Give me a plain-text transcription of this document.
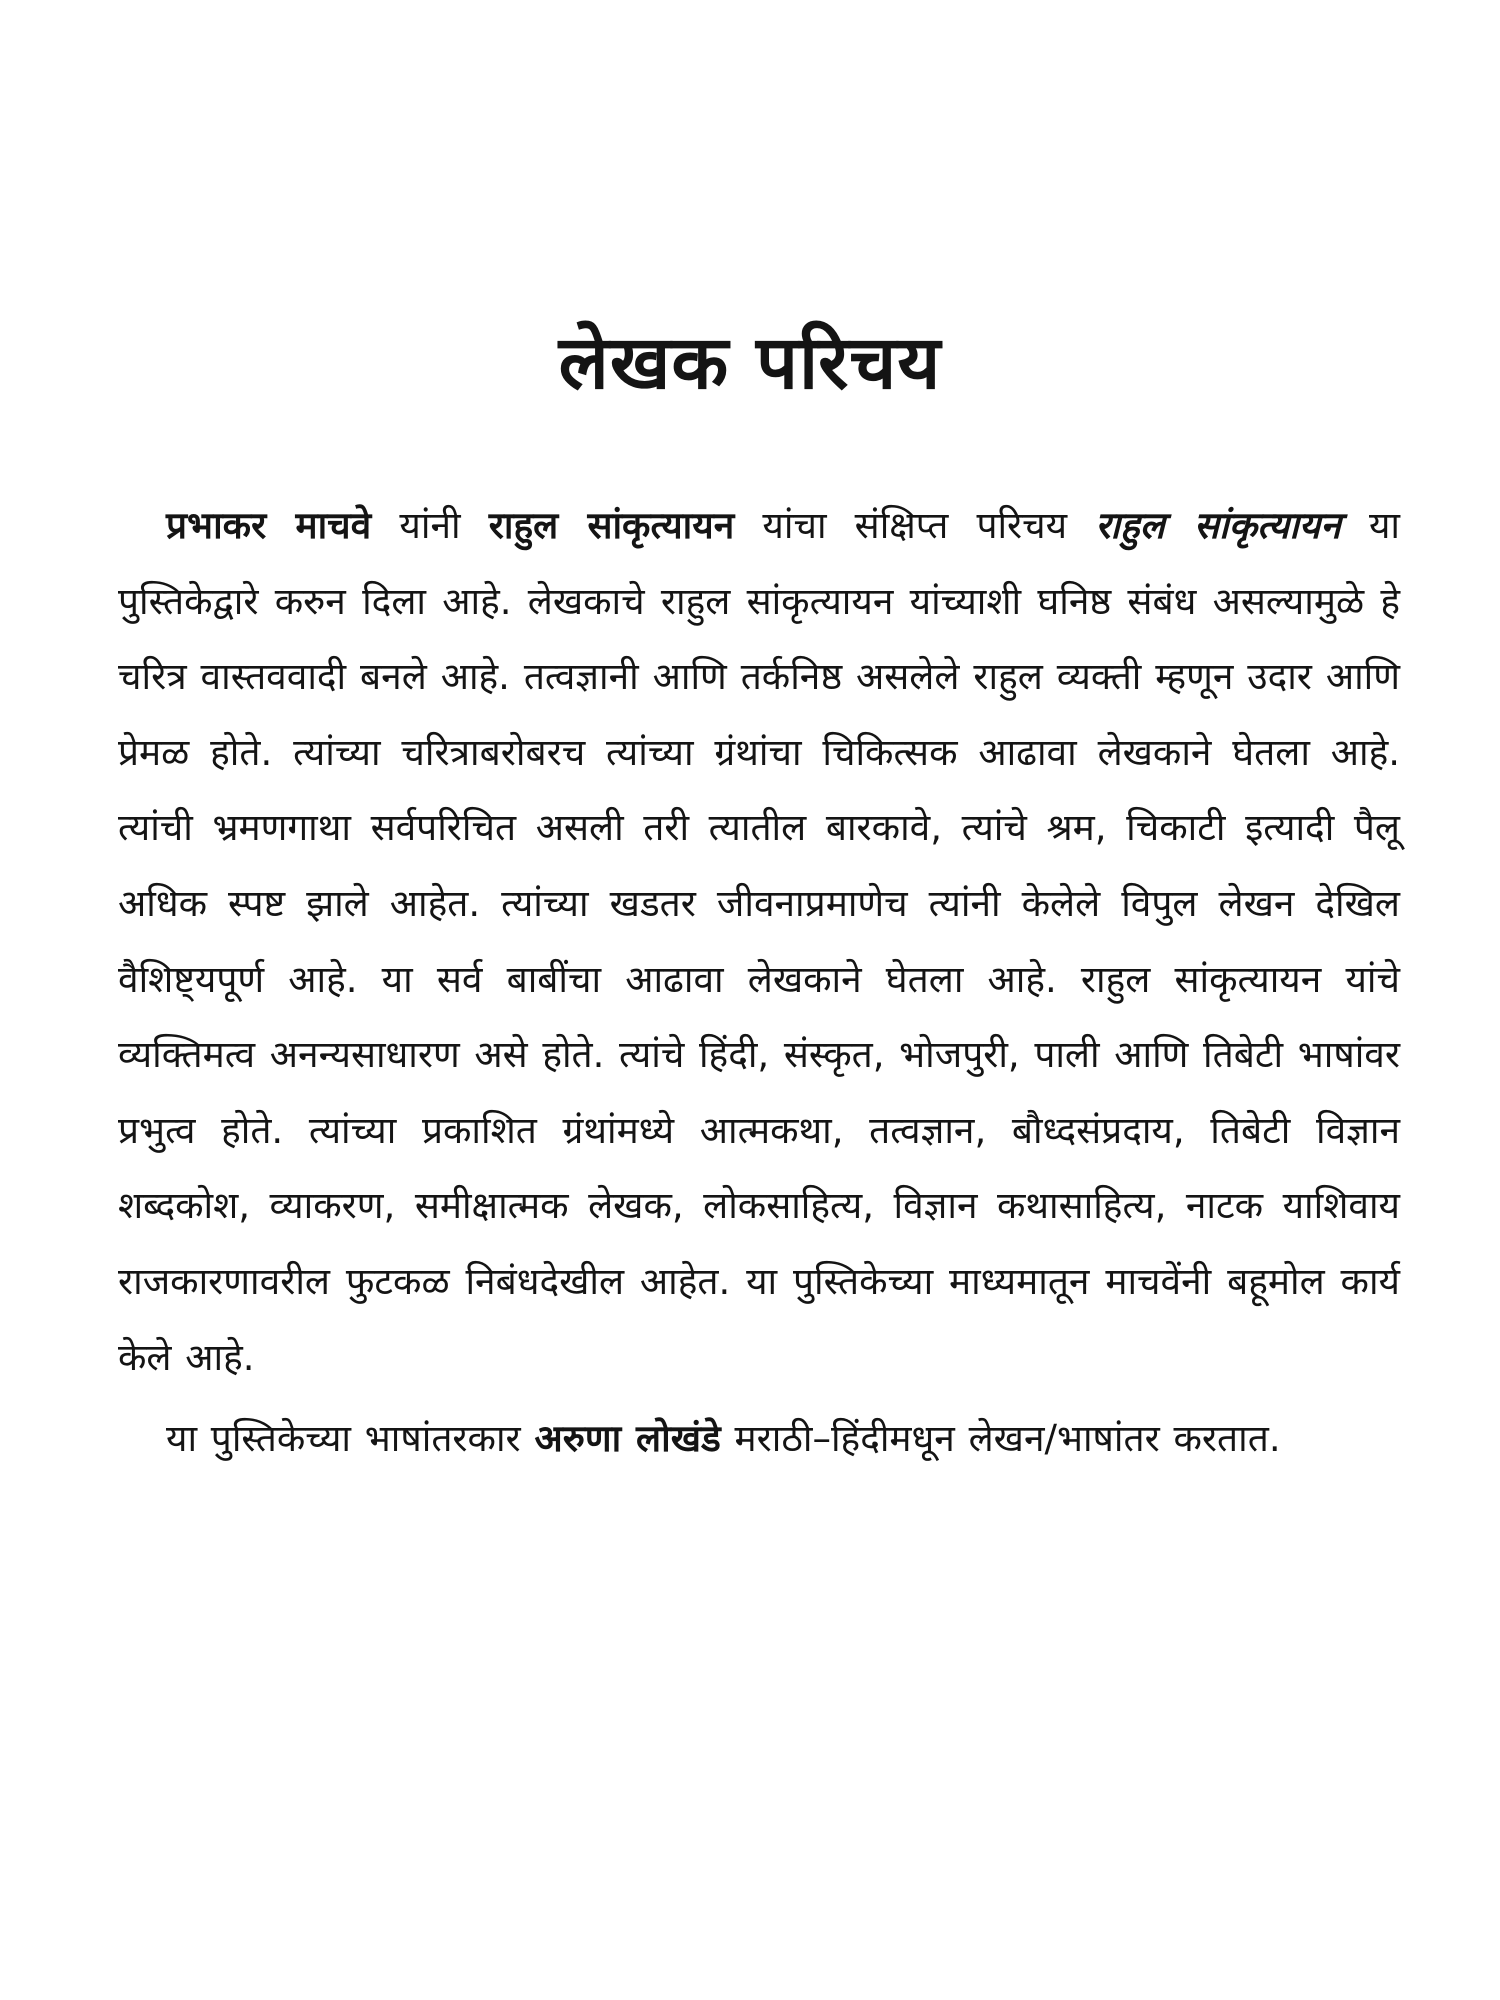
लेखक परिचय

प्रभाकर माचवे यांनी राहुल सांकृत्यायन यांचा संक्षिप्त परिचय राहुल सांकृत्यायन या पुस्तिकेद्वारे करुन दिला आहे. लेखकाचे राहुल सांकृत्यायन यांच्याशी घनिष्ठ संबंध असल्यामुळे हे चरित्र वास्तववादी बनले आहे. तत्वज्ञानी आणि तर्कनिष्ठ असलेले राहुल व्यक्ती म्हणून उदार आणि प्रेमळ होते. त्यांच्या चरित्राबरोबरच त्यांच्या ग्रंथांचा चिकित्सक आढावा लेखकाने घेतला आहे. त्यांची भ्रमणगाथा सर्वपरिचित असली तरी त्यातील बारकावे, त्यांचे श्रम, चिकाटी इत्यादी पैलू अधिक स्पष्ट झाले आहेत. त्यांच्या खडतर जीवनाप्रमाणेच त्यांनी केलेले विपुल लेखन देखिल वैशिष्ट्यपूर्ण आहे. या सर्व बाबींचा आढावा लेखकाने घेतला आहे. राहुल सांकृत्यायन यांचे व्यक्तिमत्व अनन्यसाधारण असे होते. त्यांचे हिंदी, संस्कृत, भोजपुरी, पाली आणि तिबेटी भाषांवर प्रभुत्व होते. त्यांच्या प्रकाशित ग्रंथांमध्ये आत्मकथा, तत्वज्ञान, बौध्दसंप्रदाय, तिबेटी विज्ञान शब्दकोश, व्याकरण, समीक्षात्मक लेखक, लोकसाहित्य, विज्ञान कथासाहित्य, नाटक याशिवाय राजकारणावरील फुटकळ निबंधदेखील आहेत. या पुस्तिकेच्या माध्यमातून माचवेंनी बहूमोल कार्य केले आहे.

या पुस्तिकेच्या भाषांतरकार अरुणा लोखंडे मराठी–हिंदीमधून लेखन/भाषांतर करतात.
